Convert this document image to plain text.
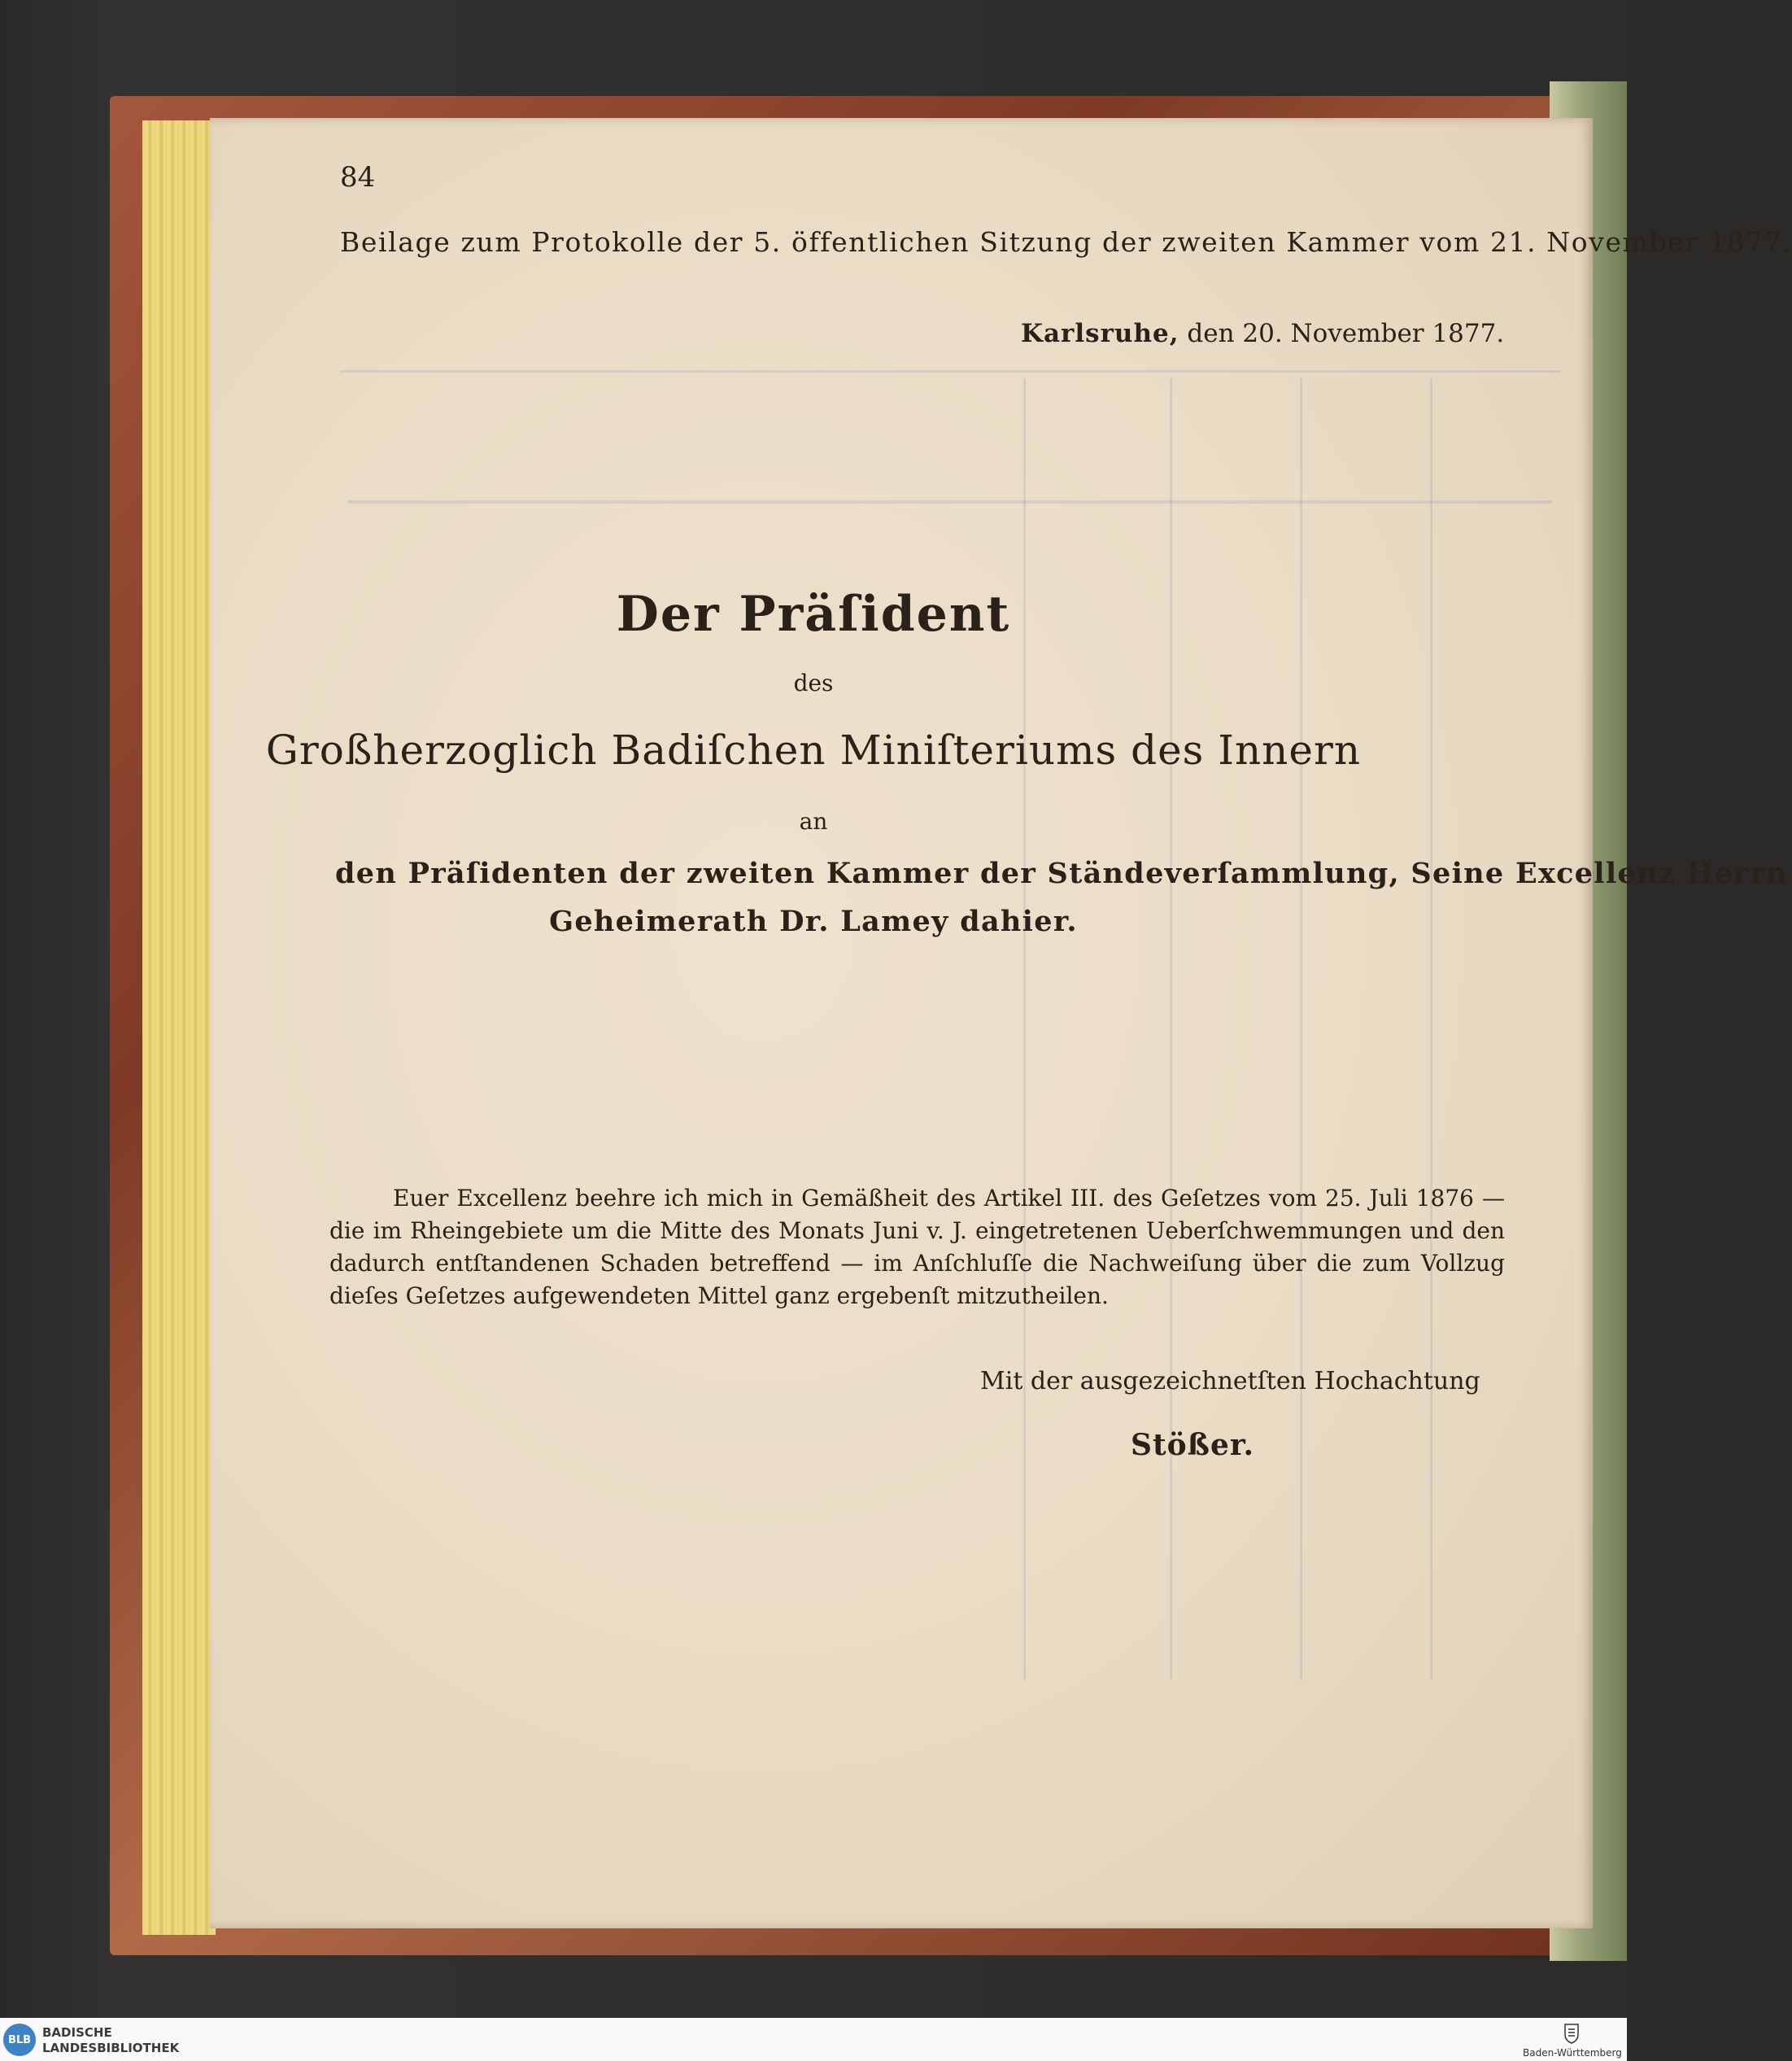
84
Beilage zum Protokolle der 5. öffentlichen Sitzung der zweiten Kammer vom 21. November 1877.
Karlsruhe, den 20. November 1877.
Der Präſident
des
Großherzoglich Badiſchen Miniſteriums des Innern
an
den Präſidenten der zweiten Kammer der Ständeverſammlung, Seine Excellenz Herrn
Geheimerath Dr. Lamey dahier.
Euer Excellenz beehre ich mich in Gemäßheit des Artikel III. des Geſetzes vom 25. Juli 1876 — die im Rheingebiete um die Mitte des Monats Juni v. J. eingetretenen Ueberſchwemmungen und den dadurch entſtandenen Schaden betreffend — im Anſchluſſe die Nachweiſung über die zum Vollzug dieſes Geſetzes aufgewendeten Mittel ganz ergebenſt mitzutheilen.
Mit der ausgezeichnetſten Hochachtung
Stößer.
BLB BADISCHE
LANDESBIBLIOTHEK	Baden-Württemberg
